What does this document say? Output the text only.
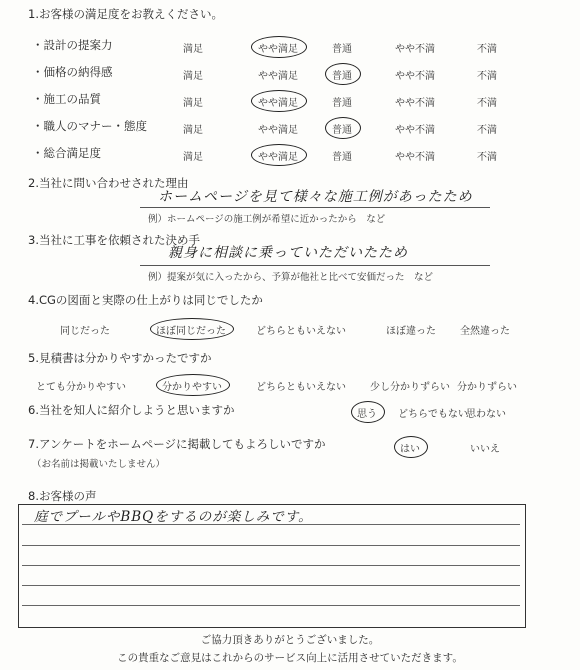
1.お客様の満足度をお教えください。
・設計の提案力	満足	やや満足	普通	やや不満	不満
・価格の納得感	満足	やや満足	普通	やや不満	不満
・施工の品質	満足	やや満足	普通	やや不満	不満
・職人のマナー・態度	満足	やや満足	普通	やや不満	不満
・総合満足度	満足	やや満足	普通	やや不満	不満
2.当社に問い合わせされた理由
ホームページを見て様々な施工例があったため
例）ホームページの施工例が希望に近かったから　など
3.当社に工事を依頼された決め手
親身に相談に乗っていただいたため
例）提案が気に入ったから、予算が他社と比べて安価だった　など
4.CGの図面と実際の仕上がりは同じでしたか
同じだった	ほぼ同じだった	どちらともいえない	ほぼ違った 全然違った
5.見積書は分かりやすかったですか
とても分かりやすい	分かりやすい	どちらともいえない 少し分かりずらい 分かりずらい
6.当社を知人に紹介しようと思いますか	思う どちらでもない
思わない
7.アンケートをホームページに掲載してもよろしいですか
（お名前は掲載いたしません）
はい	いいえ
8.お客様の声
庭でプールやBBQをするのが楽しみです。
ご協力頂きありがとうございました。
この貴重なご意見はこれからのサービス向上に活用させていただきます。
